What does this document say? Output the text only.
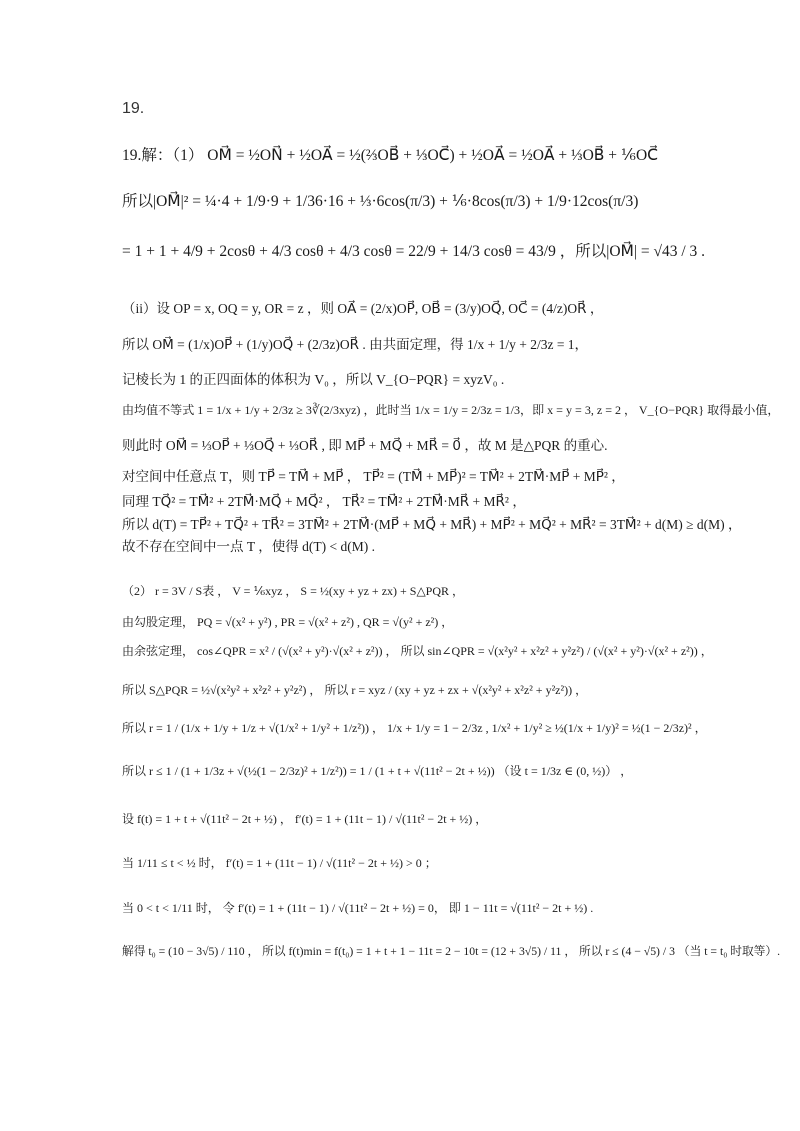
19.
19.解：（1） OM⃗ = ½ON⃗ + ½OA⃗ = ½(⅔OB⃗ + ⅓OC⃗) + ½OA⃗ = ½OA⃗ + ⅓OB⃗ + ⅙OC⃗
所以|OM⃗|² = ¼·4 + 1/9·9 + 1/36·16 + ⅓·6cos(π/3) + ⅙·8cos(π/3) + 1/9·12cos(π/3)
= 1 + 1 + 4/9 + 2cosθ + 4/3 cosθ + 4/3 cosθ = 22/9 + 14/3 cosθ = 43/9 ，所以|OM⃗| = √43 / 3 .
（ii）设 OP = x, OQ = y, OR = z ，则 OA⃗ = (2/x)OP⃗, OB⃗ = (3/y)OQ⃗, OC⃗ = (4/z)OR⃗ ，
所以 OM⃗ = (1/x)OP⃗ + (1/y)OQ⃗ + (2/3z)OR⃗ . 由共面定理，得 1/x + 1/y + 2/3z = 1，
记棱长为 1 的正四面体的体积为 V₀ ，所以 V_{O−PQR} = xyzV₀ .
由均值不等式 1 = 1/x + 1/y + 2/3z ≥ 3∛(2/3xyz) ，此时当 1/x = 1/y = 2/3z = 1/3，即 x = y = 3, z = 2 ， V_{O−PQR} 取得最小值，
则此时 OM⃗ = ⅓OP⃗ + ⅓OQ⃗ + ⅓OR⃗ , 即 MP⃗ + MQ⃗ + MR⃗ = 0⃗ ，故 M 是△PQR 的重心.
对空间中任意点 T，则 TP⃗ = TM⃗ + MP⃗ ， TP⃗² = (TM⃗ + MP⃗)² = TM⃗² + 2TM⃗·MP⃗ + MP⃗² ，
同理 TQ⃗² = TM⃗² + 2TM⃗·MQ⃗ + MQ⃗² ， TR⃗² = TM⃗² + 2TM⃗·MR⃗ + MR⃗² ，
所以 d(T) = TP⃗² + TQ⃗² + TR⃗² = 3TM⃗² + 2TM⃗·(MP⃗ + MQ⃗ + MR⃗) + MP⃗² + MQ⃗² + MR⃗² = 3TM⃗² + d(M) ≥ d(M) ，
故不存在空间中一点 T ，使得 d(T) < d(M) .
（2） r = 3V / S表 ， V = ⅙xyz ， S = ½(xy + yz + zx) + S△PQR ，
由勾股定理， PQ = √(x² + y²) , PR = √(x² + z²) , QR = √(y² + z²) ，
由余弦定理， cos∠QPR = x² / (√(x² + y²)·√(x² + z²)) ， 所以 sin∠QPR = √(x²y² + x²z² + y²z²) / (√(x² + y²)·√(x² + z²)) ，
所以 S△PQR = ½√(x²y² + x²z² + y²z²) ， 所以 r = xyz / (xy + yz + zx + √(x²y² + x²z² + y²z²)) ，
所以 r = 1 / (1/x + 1/y + 1/z + √(1/x² + 1/y² + 1/z²)) ， 1/x + 1/y = 1 − 2/3z , 1/x² + 1/y² ≥ ½(1/x + 1/y)² = ½(1 − 2/3z)² ，
所以 r ≤ 1 / (1 + 1/3z + √(½(1 − 2/3z)² + 1/z²)) = 1 / (1 + t + √(11t² − 2t + ½)) （设 t = 1/3z ∈ (0, ½)） ，
设 f(t) = 1 + t + √(11t² − 2t + ½) ， f′(t) = 1 + (11t − 1) / √(11t² − 2t + ½) ，
当 1/11 ≤ t < ½ 时， f′(t) = 1 + (11t − 1) / √(11t² − 2t + ½) > 0 ；
当 0 < t < 1/11 时， 令 f′(t) = 1 + (11t − 1) / √(11t² − 2t + ½) = 0， 即 1 − 11t = √(11t² − 2t + ½) .
解得 t₀ = (10 − 3√5) / 110 ， 所以 f(t)min = f(t₀) = 1 + t + 1 − 11t = 2 − 10t = (12 + 3√5) / 11 ， 所以 r ≤ (4 − √5) / 3 （当 t = t₀ 时取等）.
